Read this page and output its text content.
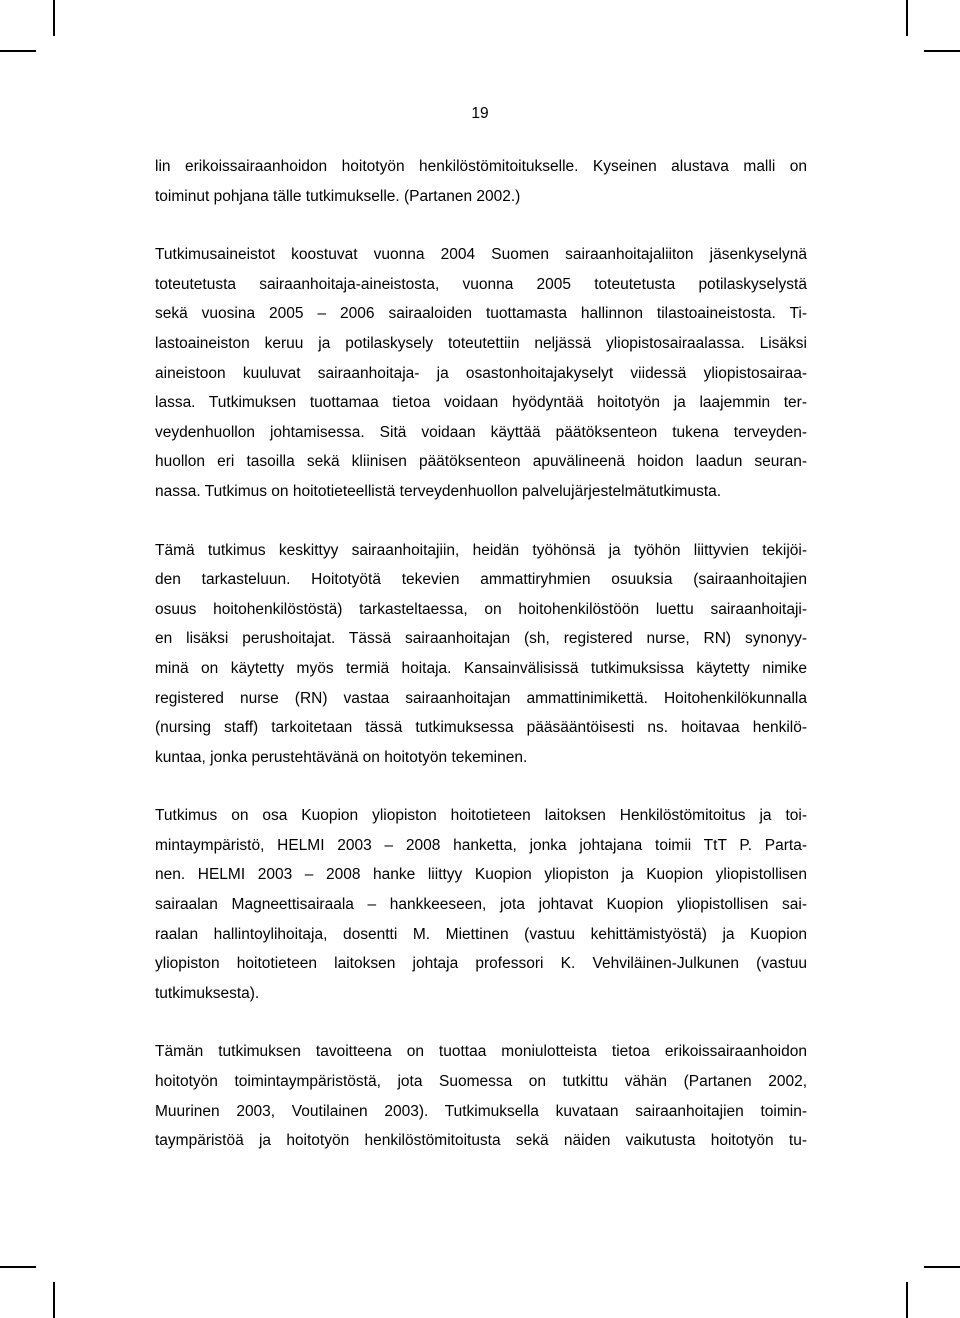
19
lin erikoissairaanhoidon hoitotyön henkilöstömitoitukselle. Kyseinen alustava malli on
toiminut pohjana tälle tutkimukselle. (Partanen 2002.)
Tutkimusaineistot koostuvat vuonna 2004 Suomen sairaanhoitajaliiton jäsenkyselynä
toteutetusta sairaanhoitaja-aineistosta, vuonna 2005 toteutetusta potilaskyselystä
sekä vuosina 2005 – 2006 sairaaloiden tuottamasta hallinnon tilastoaineistosta. Ti-
lastoaineiston keruu ja potilaskysely toteutettiin neljässä yliopistosairaalassa. Lisäksi
aineistoon kuuluvat sairaanhoitaja- ja osastonhoitajakyselyt viidessä yliopistosairaa-
lassa. Tutkimuksen tuottamaa tietoa voidaan hyödyntää hoitotyön ja laajemmin ter-
veydenhuollon johtamisessa. Sitä voidaan käyttää päätöksenteon tukena terveyden-
huollon eri tasoilla sekä kliinisen päätöksenteon apuvälineenä hoidon laadun seuran-
nassa. Tutkimus on hoitotieteellistä terveydenhuollon palvelujärjestelmätutkimusta.
Tämä tutkimus keskittyy sairaanhoitajiin, heidän työhönsä ja työhön liittyvien tekijöi-
den tarkasteluun. Hoitotyötä tekevien ammattiryhmien osuuksia (sairaanhoitajien
osuus hoitohenkilöstöstä) tarkasteltaessa, on hoitohenkilöstöön luettu sairaanhoitaji-
en lisäksi perushoitajat. Tässä sairaanhoitajan (sh, registered nurse, RN) synonyy-
minä on käytetty myös termiä hoitaja. Kansainvälisissä tutkimuksissa käytetty nimike
registered nurse (RN) vastaa sairaanhoitajan ammattinimikettä. Hoitohenkilökunnalla
(nursing staff) tarkoitetaan tässä tutkimuksessa pääsääntöisesti ns. hoitavaa henkilö-
kuntaa, jonka perustehtävänä on hoitotyön tekeminen.
Tutkimus on osa Kuopion yliopiston hoitotieteen laitoksen Henkilöstömitoitus ja toi-
mintaympäristö, HELMI 2003 – 2008 hanketta, jonka johtajana toimii TtT P. Parta-
nen. HELMI 2003 – 2008 hanke liittyy Kuopion yliopiston ja Kuopion yliopistollisen
sairaalan Magneettisairaala – hankkeeseen, jota johtavat Kuopion yliopistollisen sai-
raalan hallintoylihoitaja, dosentti M. Miettinen (vastuu kehittämistyöstä) ja Kuopion
yliopiston hoitotieteen laitoksen johtaja professori K. Vehviläinen-Julkunen (vastuu
tutkimuksesta).
Tämän tutkimuksen tavoitteena on tuottaa moniulotteista tietoa erikoissairaanhoidon
hoitotyön toimintaympäristöstä, jota Suomessa on tutkittu vähän (Partanen 2002,
Muurinen 2003, Voutilainen 2003). Tutkimuksella kuvataan sairaanhoitajien toimin-
taympäristöä ja hoitotyön henkilöstömitoitusta sekä näiden vaikutusta hoitotyön tu-
